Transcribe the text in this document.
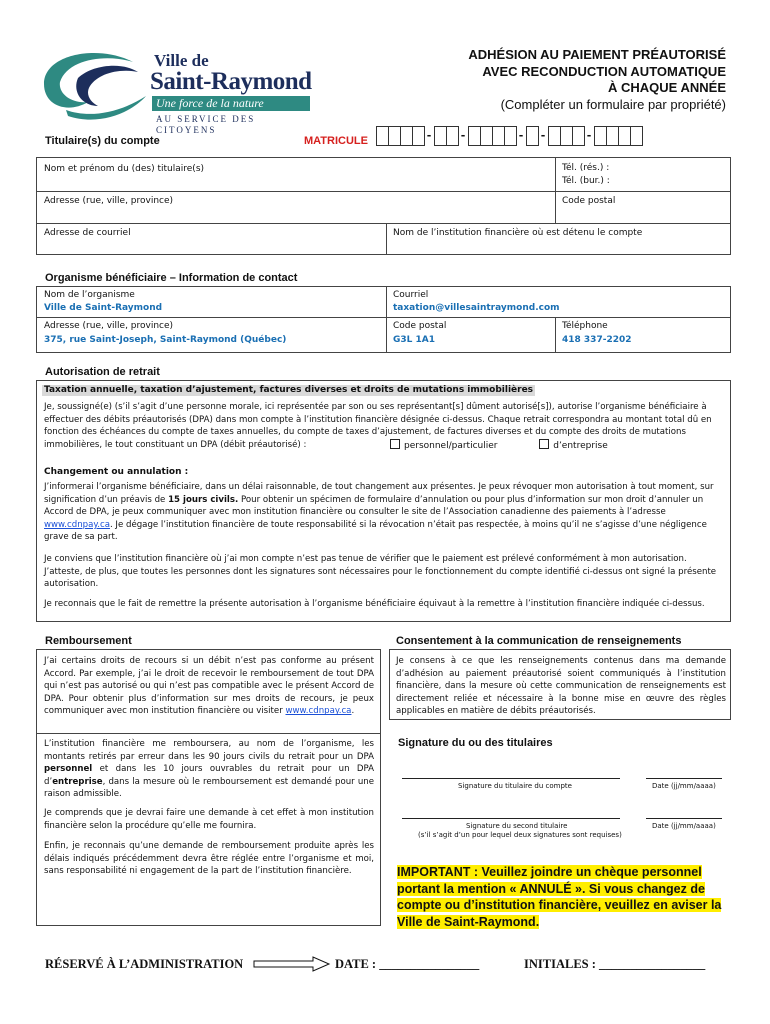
Ville de
Saint-Raymond
Une force de la nature
AU SERVICE DES CITOYENS
ADHÉSION AU PAIEMENT PRÉAUTORISÉ
AVEC RECONDUCTION AUTOMATIQUE
À CHAQUE ANNÉE
(Compléter un formulaire par propriété)
Titulaire(s) du compte	MATRICULE	-	-	- -	-
Nom et prénom du (des) titulaire(s)	Tél. (rés.) :
Tél. (bur.) :
Adresse (rue, ville, province)	Code postal
Adresse de courriel	Nom de l’institution financière où est détenu le compte
Organisme bénéficiaire – Information de contact
Nom de l’organisme
Ville de Saint-Raymond
Courriel
taxation@villesaintraymond.com
Adresse (rue, ville, province)
375, rue Saint-Joseph, Saint-Raymond (Québec)
Code postal
G3L 1A1
Téléphone
418 337-2202
Autorisation de retrait
Taxation annuelle, taxation d’ajustement, factures diverses et droits de mutations immobilières
Je, soussigné(e) (s’il s’agit d’une personne morale, ici représentée par son ou ses représentant[s] dûment autorisé[s]), autorise l’organisme bénéficiaire à effectuer des débits préautorisés (DPA) dans mon compte à l’institution financière désignée ci-dessus. Chaque retrait correspondra au montant total dû en fonction des échéances du compte de taxes annuelles, du compte de taxes d’ajustement, de factures diverses et du compte des droits de mutations immobilières, le tout constituant un DPA (débit préautorisé) :	personnel/particulier	d’entreprise
Changement ou annulation :
J’informerai l’organisme bénéficiaire, dans un délai raisonnable, de tout changement aux présentes. Je peux révoquer mon autorisation à tout moment, sur signification d’un préavis de 15 jours civils. Pour obtenir un spécimen de formulaire d’annulation ou pour plus d’information sur mon droit d’annuler un Accord de DPA, je peux communiquer avec mon institution financière ou consulter le site de l’Association canadienne des paiements à l’adresse www.cdnpay.ca. Je dégage l’institution financière de toute responsabilité si la révocation n’était pas respectée, à moins qu’il ne s’agisse d’une négligence grave de sa part.
Je conviens que l’institution financière où j’ai mon compte n’est pas tenue de vérifier que le paiement est prélevé conformément à mon autorisation. J’atteste, de plus, que toutes les personnes dont les signatures sont nécessaires pour le fonctionnement du compte identifié ci-dessus ont signé la présente autorisation.
Je reconnais que le fait de remettre la présente autorisation à l’organisme bénéficiaire équivaut à la remettre à l’institution financière indiquée ci-dessus.
Remboursement
J’ai certains droits de recours si un débit n’est pas conforme au présent Accord. Par exemple, j’ai le droit de recevoir le remboursement de tout DPA qui n’est pas autorisé ou qui n’est pas compatible avec le présent Accord de DPA. Pour obtenir plus d’information sur mes droits de recours, je peux communiquer avec mon institution financière ou visiter www.cdnpay.ca.
L’institution financière me remboursera, au nom de l’organisme, les montants retirés par erreur dans les 90 jours civils du retrait pour un DPA personnel et dans les 10 jours ouvrables du retrait pour un DPA d’entreprise, dans la mesure où le remboursement est demandé pour une raison admissible.
Je comprends que je devrai faire une demande à cet effet à mon institution financière selon la procédure qu’elle me fournira.
Enfin, je reconnais qu’une demande de remboursement produite après les délais indiqués précédemment devra être réglée entre l’organisme et moi, sans responsabilité ni engagement de la part de l’institution financière.
Consentement à la communication de renseignements
Je consens à ce que les renseignements contenus dans ma demande d’adhésion au paiement préautorisé soient communiqués à l’institution financière, dans la mesure où cette communication de renseignements est directement reliée et nécessaire à la bonne mise en œuvre des règles applicables en matière de débits préautorisés.
Signature du ou des titulaires
Signature du titulaire du compte	Date (jj/mm/aaaa)
Signature du second titulaire	Date (jj/mm/aaaa)
(s’il s’agit d’un pour lequel deux signatures sont requises)
IMPORTANT : Veuillez joindre un chèque personnel portant la mention « ANNULÉ ». Si vous changez de compte ou d’institution financière, veuillez en aviser la Ville de Saint-Raymond.
RÉSERVÉ À L’ADMINISTRATION	DATE : ________________	INITIALES : _________________
